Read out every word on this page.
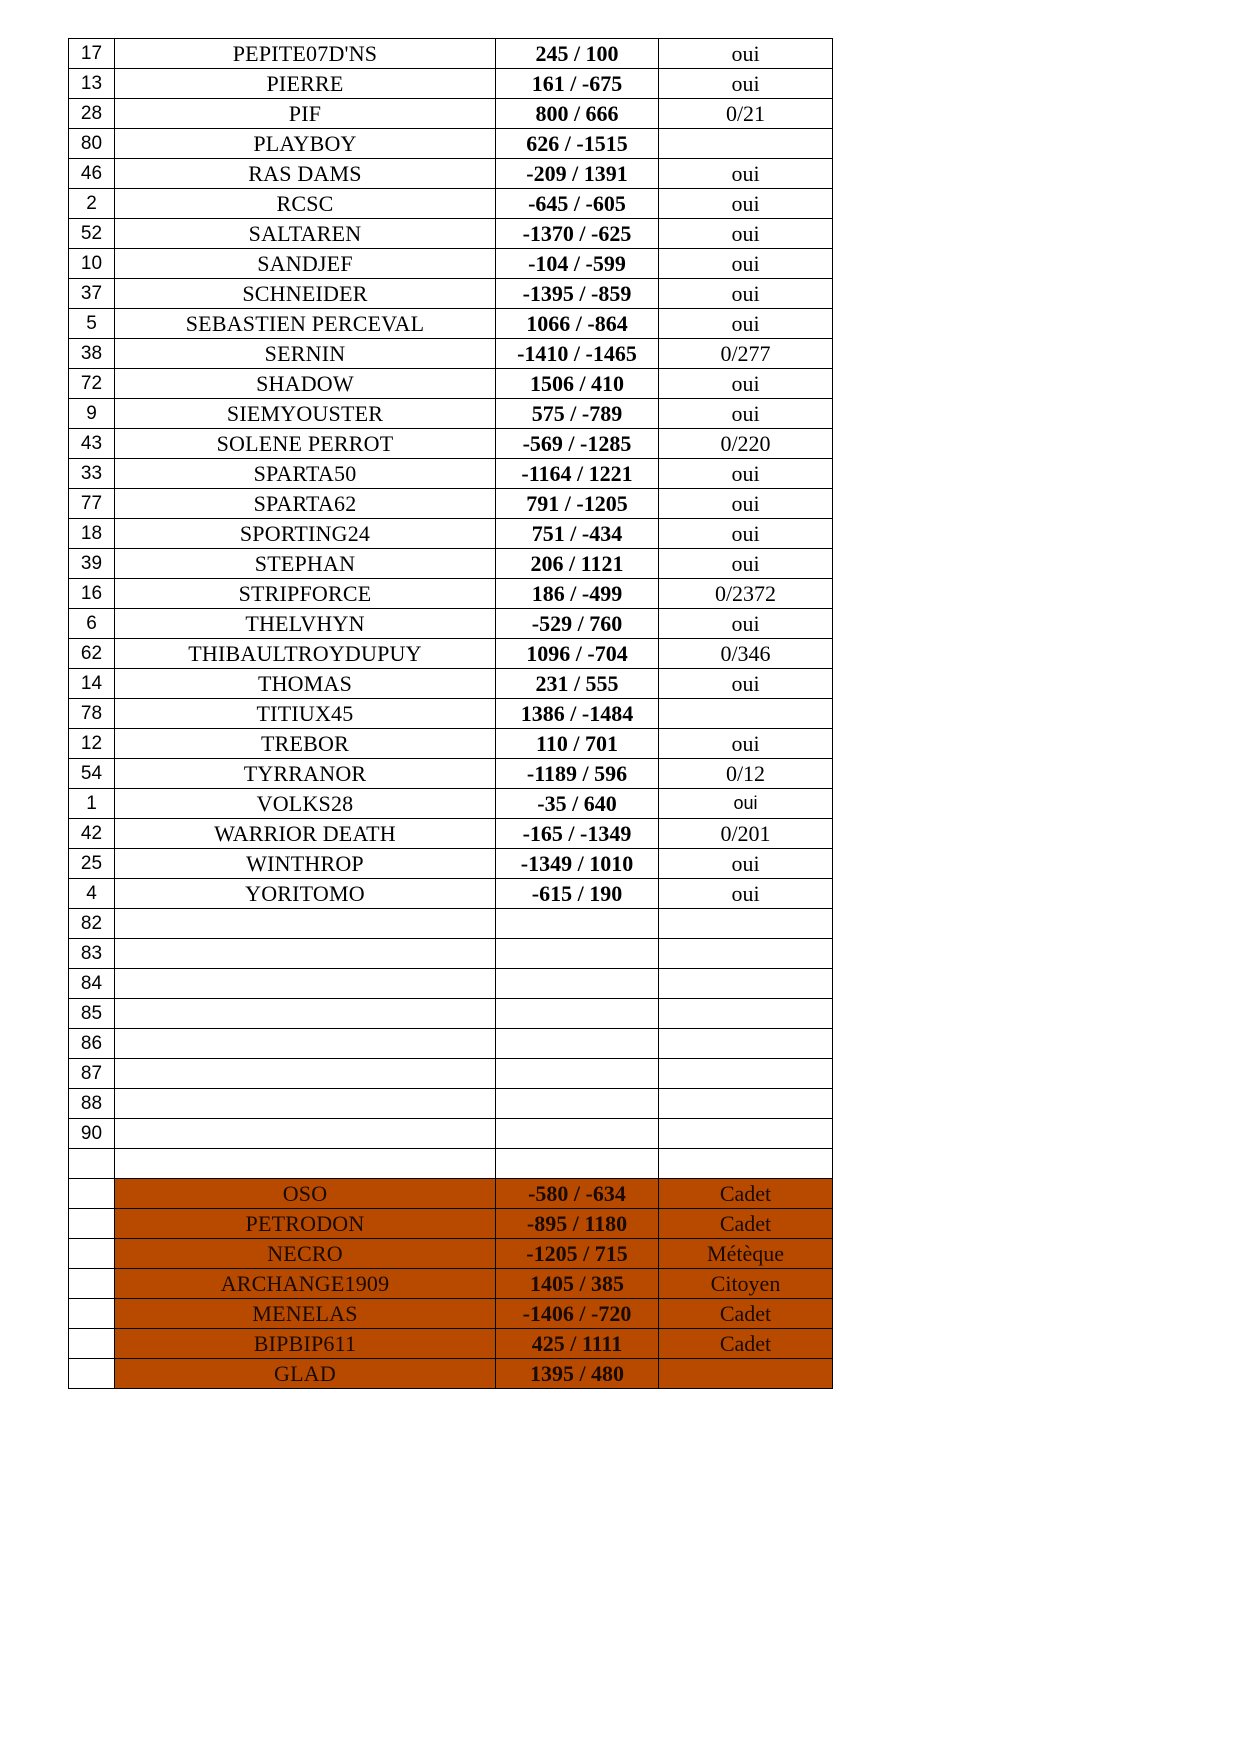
17	PEPITE07D'NS	245 / 100	oui
13	PIERRE	161 / -675	oui
28	PIF	800 / 666	0/21
80	PLAYBOY	626 / -1515	
46	RAS DAMS	-209 / 1391	oui
2	RCSC	-645 / -605	oui
52	SALTAREN	-1370 / -625	oui
10	SANDJEF	-104 / -599	oui
37	SCHNEIDER	-1395 / -859	oui
5	SEBASTIEN PERCEVAL	1066 / -864	oui
38	SERNIN	-1410 / -1465	0/277
72	SHADOW	1506 / 410	oui
9	SIEMYOUSTER	575 / -789	oui
43	SOLENE PERROT	-569 / -1285	0/220
33	SPARTA50	-1164 / 1221	oui
77	SPARTA62	791 / -1205	oui
18	SPORTING24	751 / -434	oui
39	STEPHAN	206 / 1121	oui
16	STRIPFORCE	186 / -499	0/2372
6	THELVHYN	-529 / 760	oui
62	THIBAULTROYDUPUY	1096 / -704	0/346
14	THOMAS	231 / 555	oui
78	TITIUX45	1386 / -1484	
12	TREBOR	110 / 701	oui
54	TYRRANOR	-1189 / 596	0/12
1	VOLKS28	-35 / 640	oui
42	WARRIOR DEATH	-165 / -1349	0/201
25	WINTHROP	-1349 / 1010	oui
4	YORITOMO	-615 / 190	oui
82			
83			
84			
85			
86			
87			
88			
90			

	OSO	-580 / -634	Cadet
	PETRODON	-895 / 1180	Cadet
	NECRO	-1205 / 715	Métèque
	ARCHANGE1909	1405 / 385	Citoyen
	MENELAS	-1406 / -720	Cadet
	BIPBIP611	425 / 1111	Cadet
	GLAD	1395 / 480	
